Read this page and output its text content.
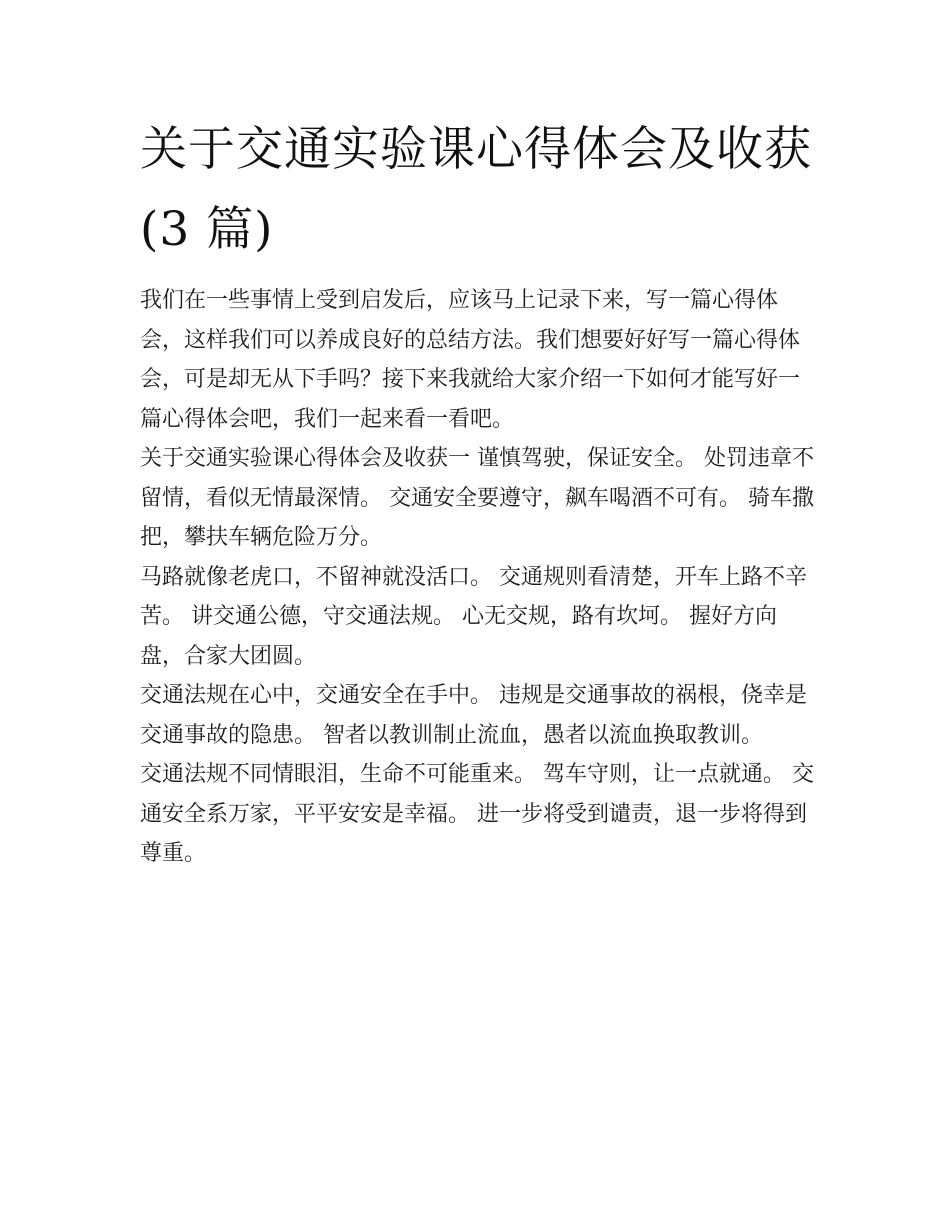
关于交通实验课心得体会及收获(3 篇)

我们在一些事情上受到启发后，应该马上记录下来，写一篇心得体会，这样我们可以养成良好的总结方法。我们想要好好写一篇心得体会，可是却无从下手吗？接下来我就给大家介绍一下如何才能写好一篇心得体会吧，我们一起来看一看吧。

关于交通实验课心得体会及收获一 谨慎驾驶，保证安全。 处罚违章不留情，看似无情最深情。 交通安全要遵守，飙车喝酒不可有。 骑车撒把，攀扶车辆危险万分。

马路就像老虎口，不留神就没活口。 交通规则看清楚，开车上路不辛苦。 讲交通公德，守交通法规。 心无交规，路有坎坷。 握好方向盘，合家大团圆。

交通法规在心中，交通安全在手中。 违规是交通事故的祸根，侥幸是交通事故的隐患。 智者以教训制止流血，愚者以流血换取教训。

交通法规不同情眼泪，生命不可能重来。 驾车守则，让一点就通。 交通安全系万家，平平安安是幸福。 进一步将受到谴责，退一步将得到尊重。
